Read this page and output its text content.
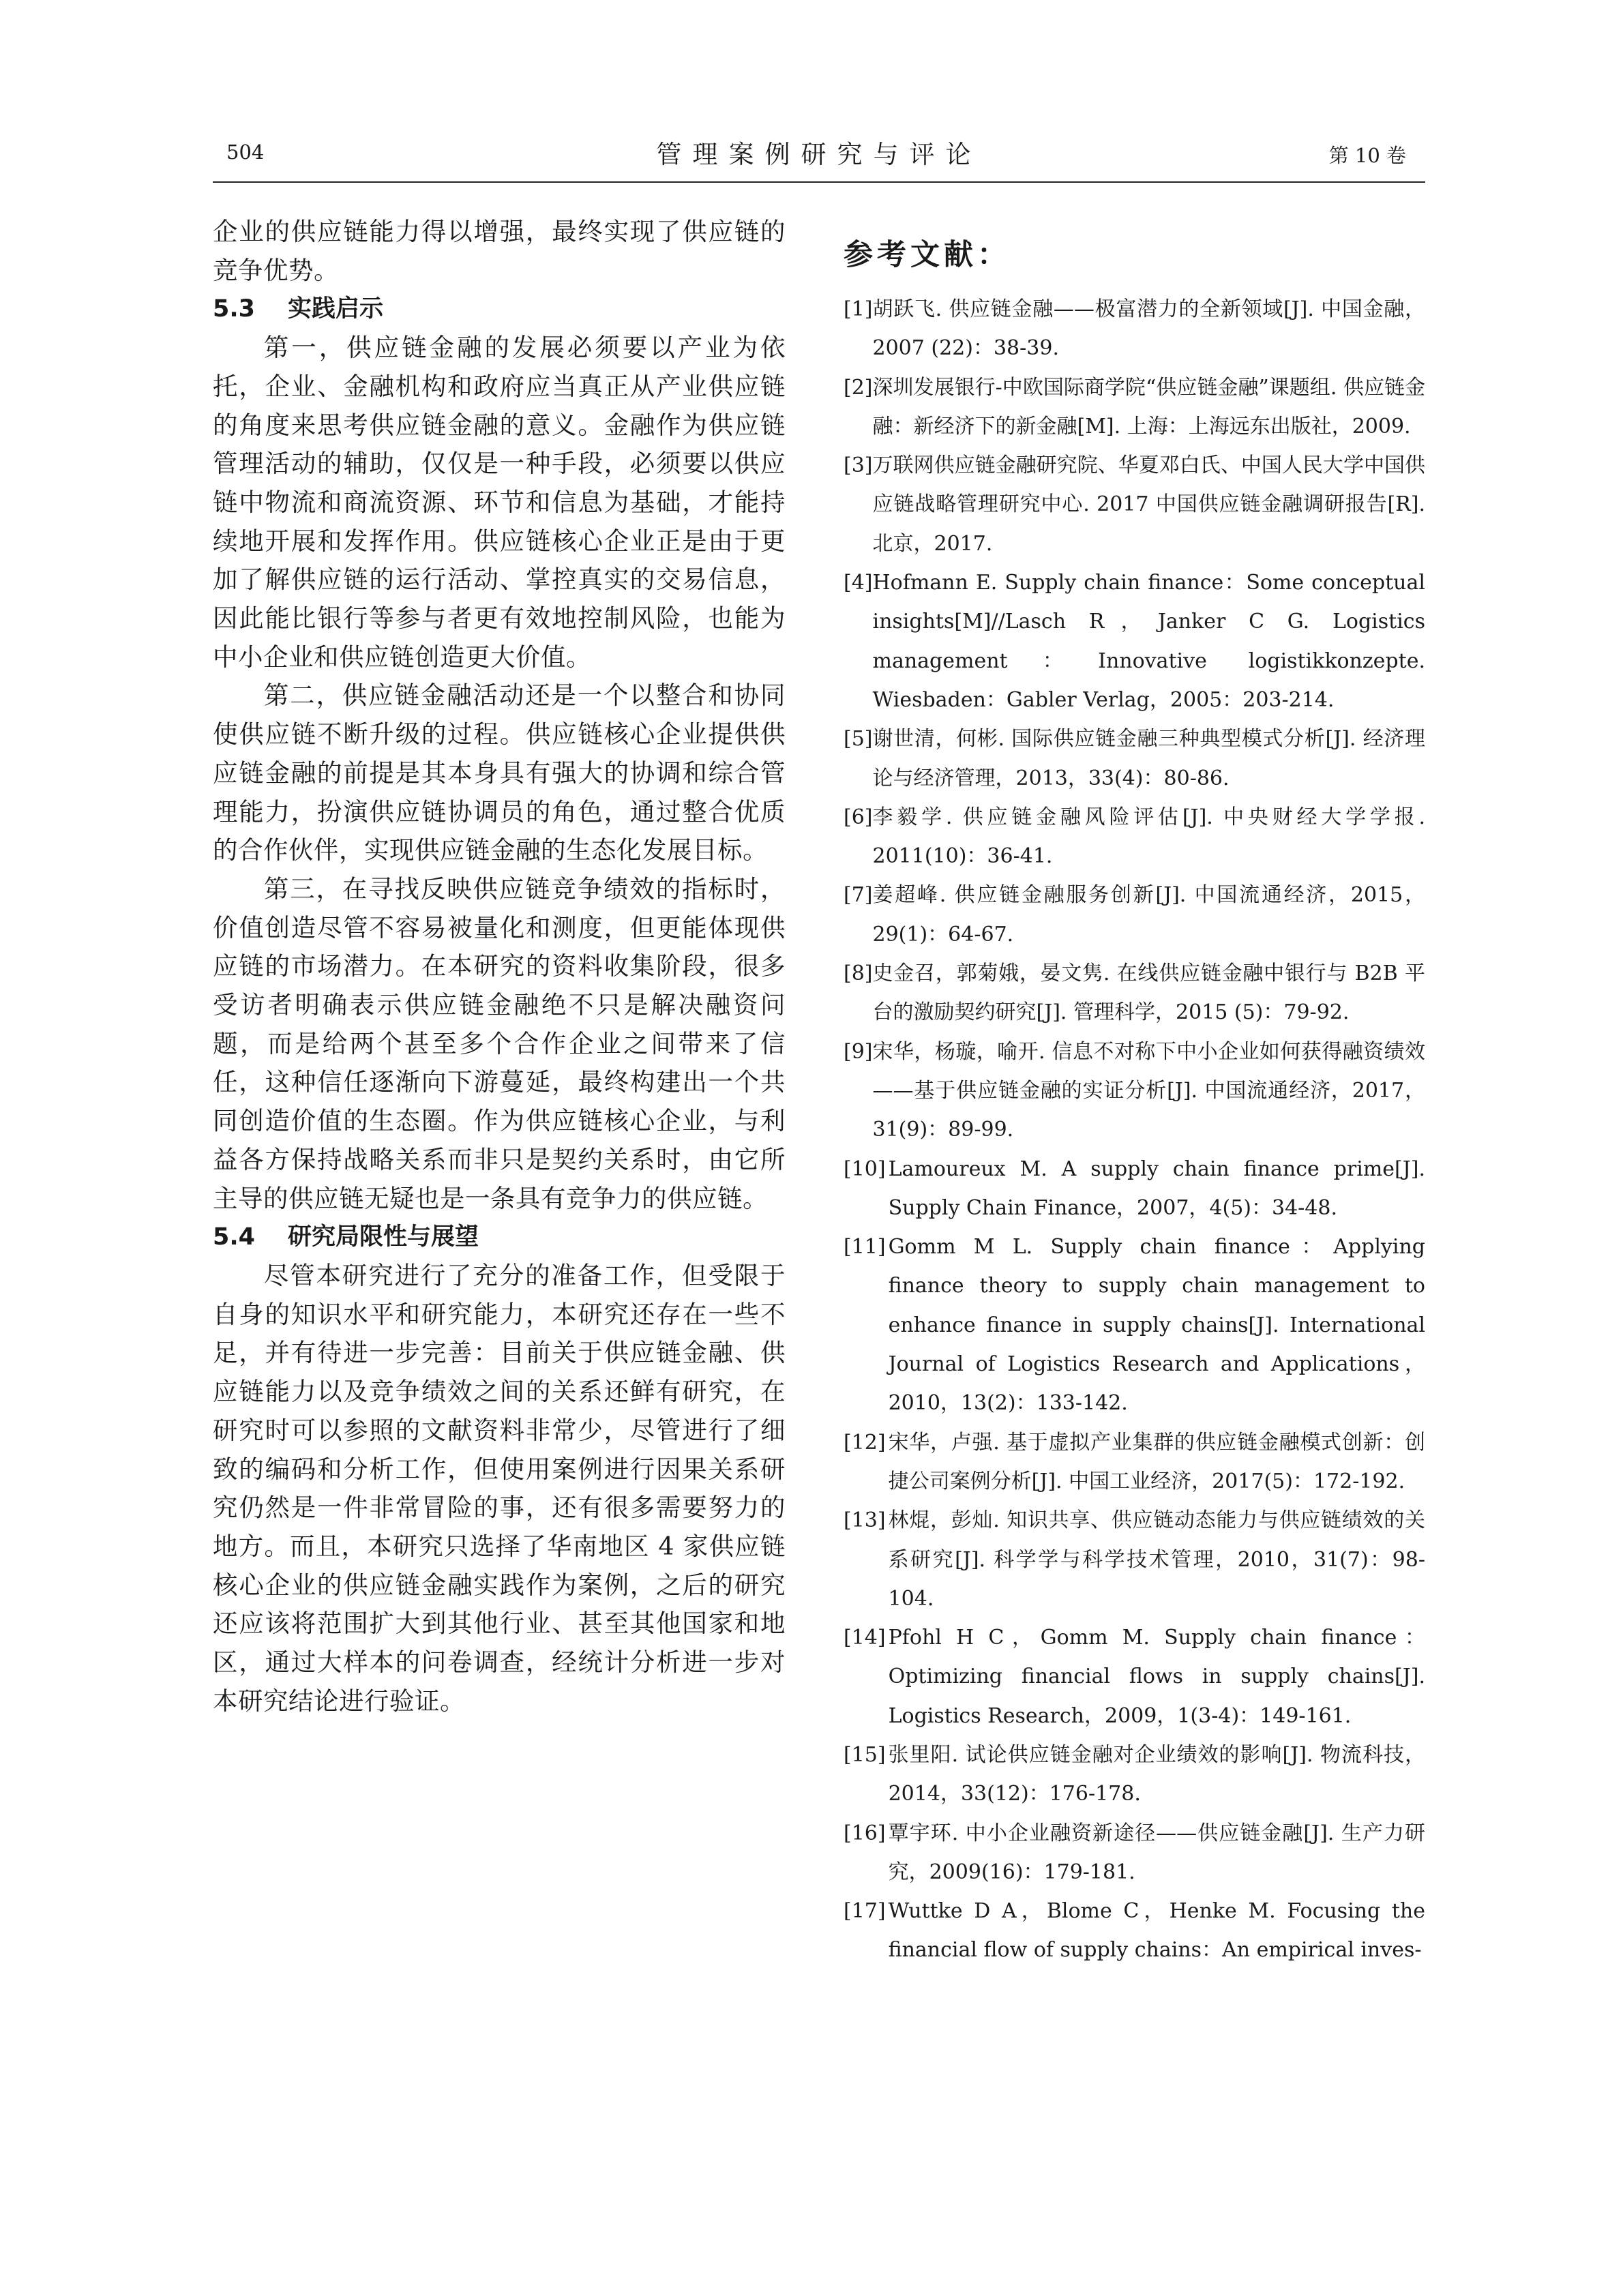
504	管理案例研究与评论	第 10 卷

企业的供应链能力得以增强，最终实现了供应链的竞争优势。

5.3 实践启示

第一，供应链金融的发展必须要以产业为依托，企业、金融机构和政府应当真正从产业供应链的角度来思考供应链金融的意义。金融作为供应链管理活动的辅助，仅仅是一种手段，必须要以供应链中物流和商流资源、环节和信息为基础，才能持续地开展和发挥作用。供应链核心企业正是由于更加了解供应链的运行活动、掌控真实的交易信息，因此能比银行等参与者更有效地控制风险，也能为中小企业和供应链创造更大价值。

第二，供应链金融活动还是一个以整合和协同使供应链不断升级的过程。供应链核心企业提供供应链金融的前提是其本身具有强大的协调和综合管理能力，扮演供应链协调员的角色，通过整合优质的合作伙伴，实现供应链金融的生态化发展目标。

第三，在寻找反映供应链竞争绩效的指标时，价值创造尽管不容易被量化和测度，但更能体现供应链的市场潜力。在本研究的资料收集阶段，很多受访者明确表示供应链金融绝不只是解决融资问题，而是给两个甚至多个合作企业之间带来了信任，这种信任逐渐向下游蔓延，最终构建出一个共同创造价值的生态圈。作为供应链核心企业，与利益各方保持战略关系而非只是契约关系时，由它所主导的供应链无疑也是一条具有竞争力的供应链。

5.4 研究局限性与展望

尽管本研究进行了充分的准备工作，但受限于自身的知识水平和研究能力，本研究还存在一些不足，并有待进一步完善：目前关于供应链金融、供应链能力以及竞争绩效之间的关系还鲜有研究，在研究时可以参照的文献资料非常少，尽管进行了细致的编码和分析工作，但使用案例进行因果关系研究仍然是一件非常冒险的事，还有很多需要努力的地方。而且，本研究只选择了华南地区 4 家供应链核心企业的供应链金融实践作为案例，之后的研究还应该将范围扩大到其他行业、甚至其他国家和地区，通过大样本的问卷调查，经统计分析进一步对本研究结论进行验证。

参考文献：
[1] 胡跃飞. 供应链金融——极富潜力的全新领域[J]. 中国金融，2007 (22)：38-39.
[2] 深圳发展银行-中欧国际商学院“供应链金融”课题组. 供应链金融：新经济下的新金融[M]. 上海：上海远东出版社，2009.
[3] 万联网供应链金融研究院、华夏邓白氏、中国人民大学中国供应链战略管理研究中心. 2017 中国供应链金融调研报告[R]. 北京，2017.
[4] Hofmann E. Supply chain finance：Some conceptual insights[M]//Lasch R，Janker C G. Logistics management：Innovative logistikkonzepte. Wiesbaden：Gabler Verlag，2005：203-214.
[5] 谢世清，何彬. 国际供应链金融三种典型模式分析[J]. 经济理论与经济管理，2013，33(4)：80-86.
[6] 李毅学. 供应链金融风险评估[J]. 中央财经大学学报. 2011(10)：36-41.
[7] 姜超峰. 供应链金融服务创新[J]. 中国流通经济，2015，29(1)：64-67.
[8] 史金召，郭菊娥，晏文隽. 在线供应链金融中银行与 B2B 平台的激励契约研究[J]. 管理科学，2015 (5)：79-92.
[9] 宋华，杨璇，喻开. 信息不对称下中小企业如何获得融资绩效——基于供应链金融的实证分析[J]. 中国流通经济，2017，31(9)：89-99.
[10] Lamoureux M. A supply chain finance prime[J]. Supply Chain Finance，2007，4(5)：34-48.
[11] Gomm M L. Supply chain finance：Applying finance theory to supply chain management to enhance finance in supply chains[J]. International Journal of Logistics Research and Applications，2010，13(2)：133-142.
[12] 宋华，卢强. 基于虚拟产业集群的供应链金融模式创新：创捷公司案例分析[J]. 中国工业经济，2017(5)：172-192.
[13] 林焜，彭灿. 知识共享、供应链动态能力与供应链绩效的关系研究[J]. 科学学与科学技术管理，2010，31(7)：98-104.
[14] Pfohl H C，Gomm M. Supply chain finance：Optimizing financial flows in supply chains[J]. Logistics Research，2009，1(3-4)：149-161.
[15] 张里阳. 试论供应链金融对企业绩效的影响[J]. 物流科技，2014，33(12)：176-178.
[16] 覃宇环. 中小企业融资新途径——供应链金融[J]. 生产力研究，2009(16)：179-181.
[17] Wuttke D A，Blome C，Henke M. Focusing the financial flow of supply chains：An empirical inves-
